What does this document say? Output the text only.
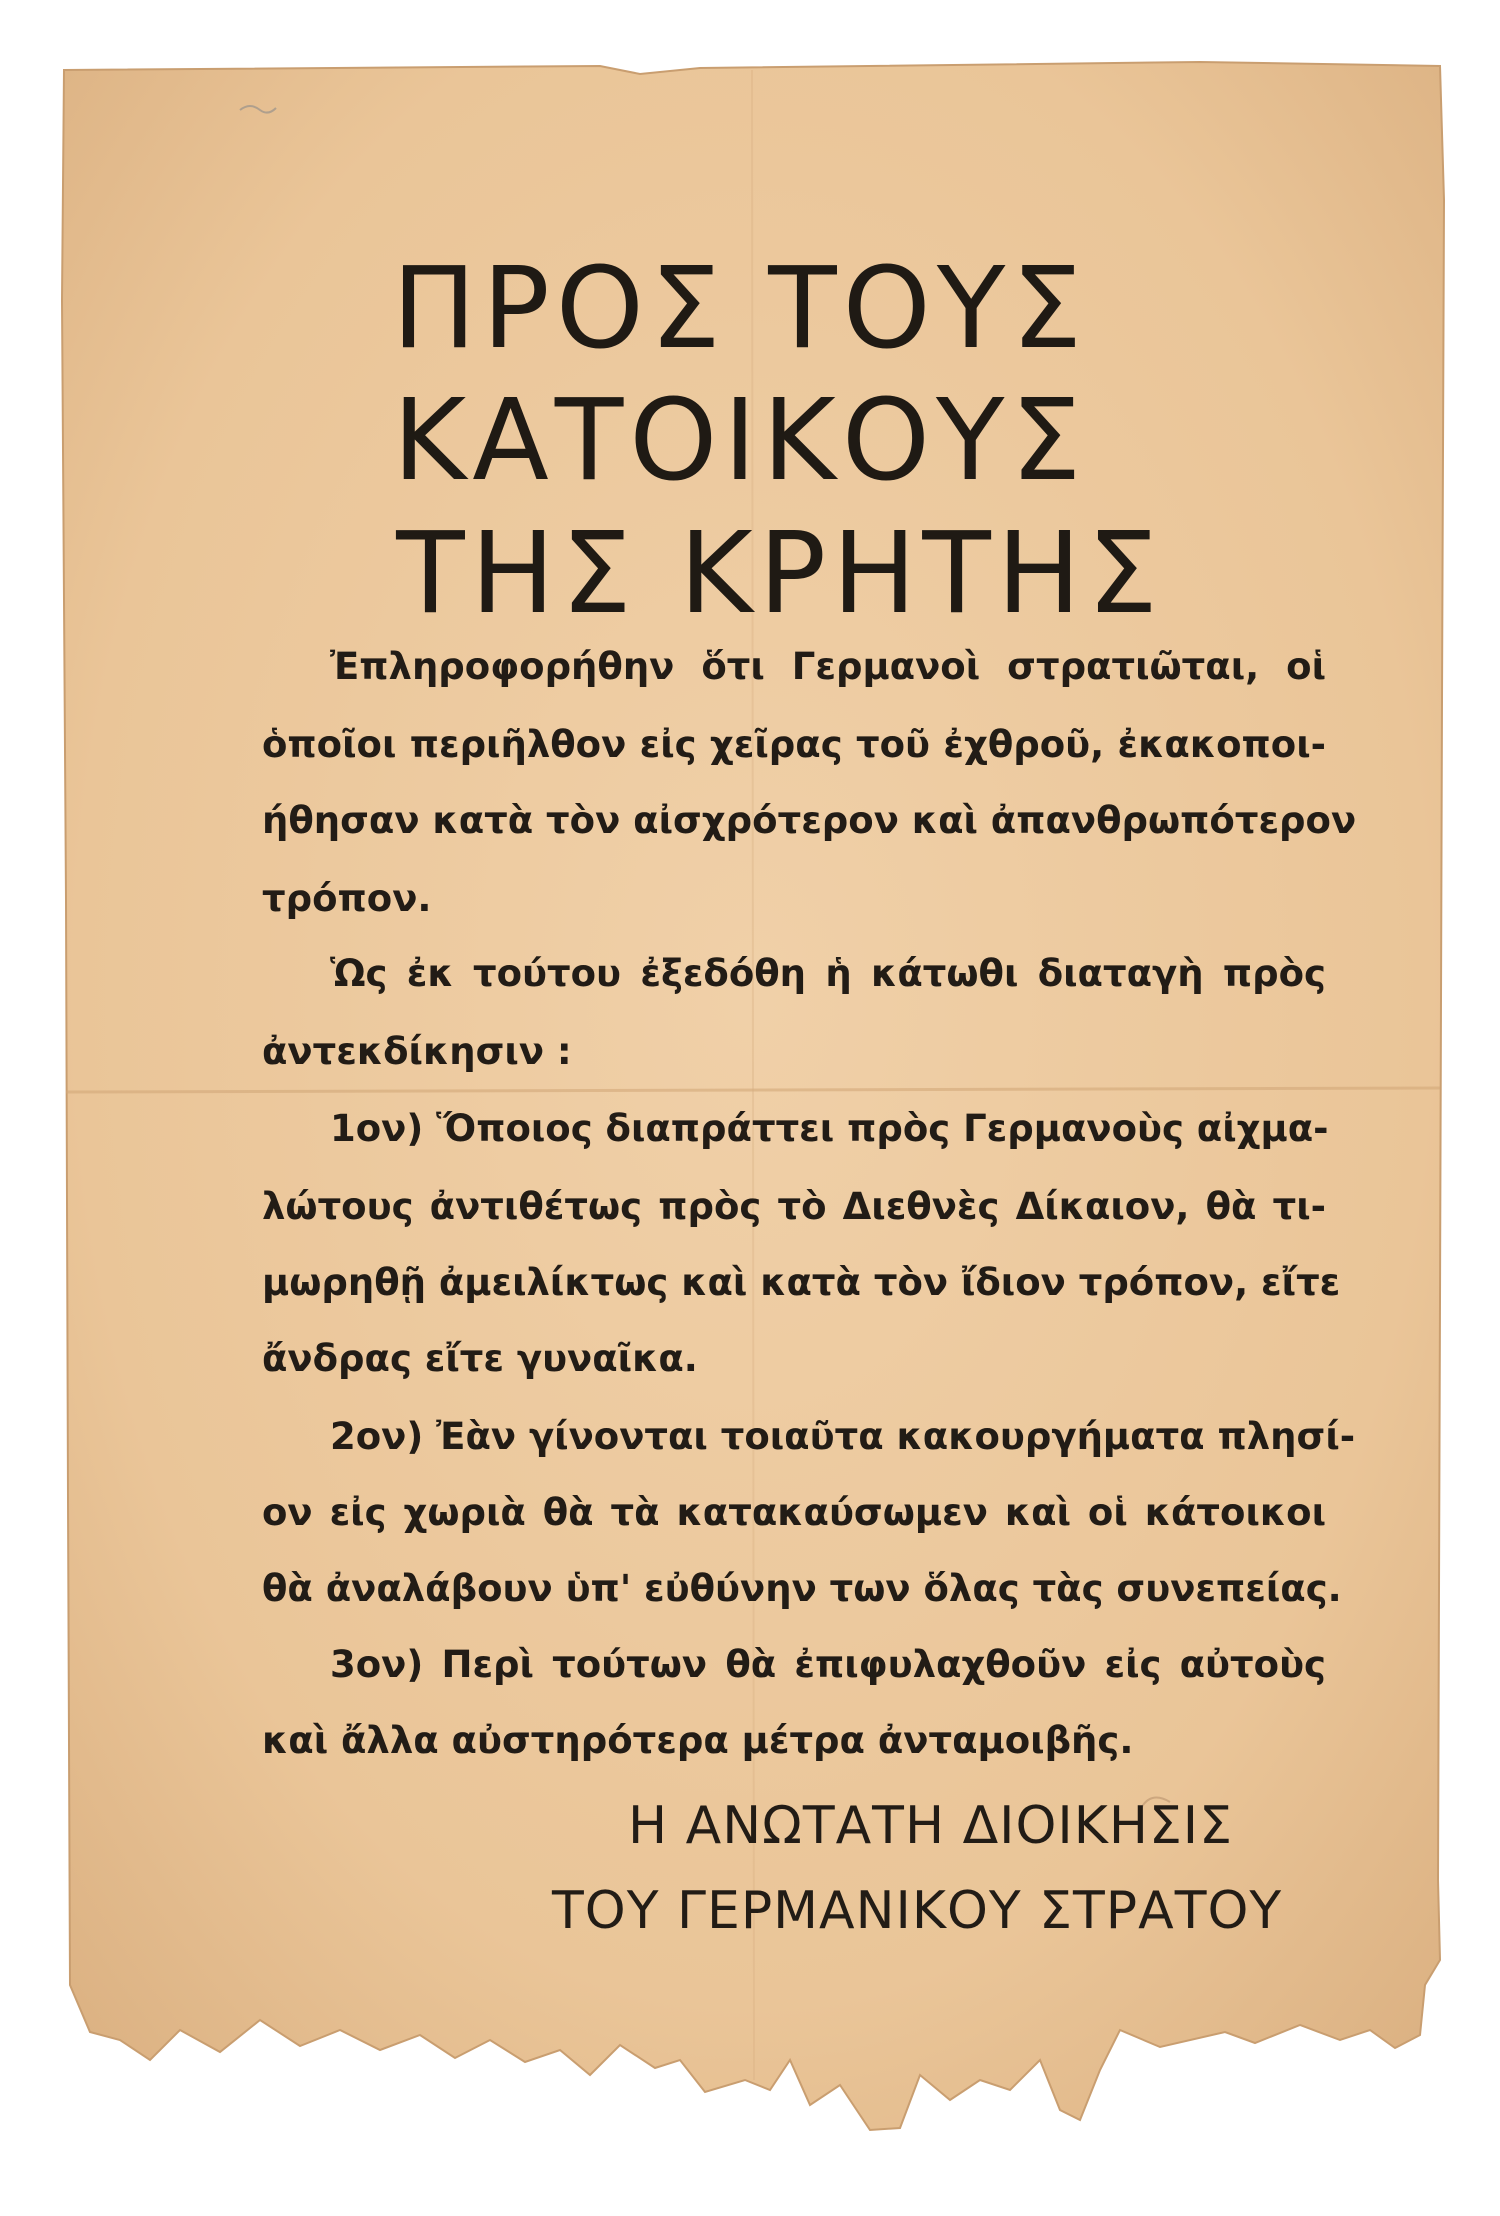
ΠΡΟΣ ΤΟΥΣ
ΚΑΤΟΙΚΟΥΣ
ΤΗΣ ΚΡΗΤΗΣ
Ἐπληροφορήθην ὅτι Γερμανοὶ στρατιῶται, οἱ
ὁποῖοι περιῆλθον εἰς χεῖρας τοῦ ἐχθροῦ, ἐκακοποι-
ήθησαν κατὰ τὸν αἰσχρότερον καὶ ἀπανθρωπότερον
τρόπον.
Ὡς ἐκ τούτου ἐξεδόθη ἡ κάτωθι διαταγὴ πρὸς
ἀντεκδίκησιν :
1ον) Ὅποιος διαπράττει πρὸς Γερμανοὺς αἰχμα-
λώτους ἀντιθέτως πρὸς τὸ Διεθνὲς Δίκαιον, θὰ τι-
μωρηθῇ ἀμειλίκτως καὶ κατὰ τὸν ἴδιον τρόπον, εἴτε
ἄνδρας εἴτε γυναῖκα.
2ον) Ἐὰν γίνονται τοιαῦτα κακουργήματα πλησί-
ον εἰς χωριὰ θὰ τὰ κατακαύσωμεν καὶ οἱ κάτοικοι
θὰ ἀναλάβουν ὑπ' εὐθύνην των ὅλας τὰς συνεπείας.
3ον) Περὶ τούτων θὰ ἐπιφυλαχθοῦν εἰς αὐτοὺς
καὶ ἄλλα αὐστηρότερα μέτρα ἀνταμοιβῆς.
Η ΑΝΩΤΑΤΗ ΔΙΟΙΚΗΣΙΣ
ΤΟΥ ΓΕΡΜΑΝΙΚΟΥ ΣΤΡΑΤΟΥ
